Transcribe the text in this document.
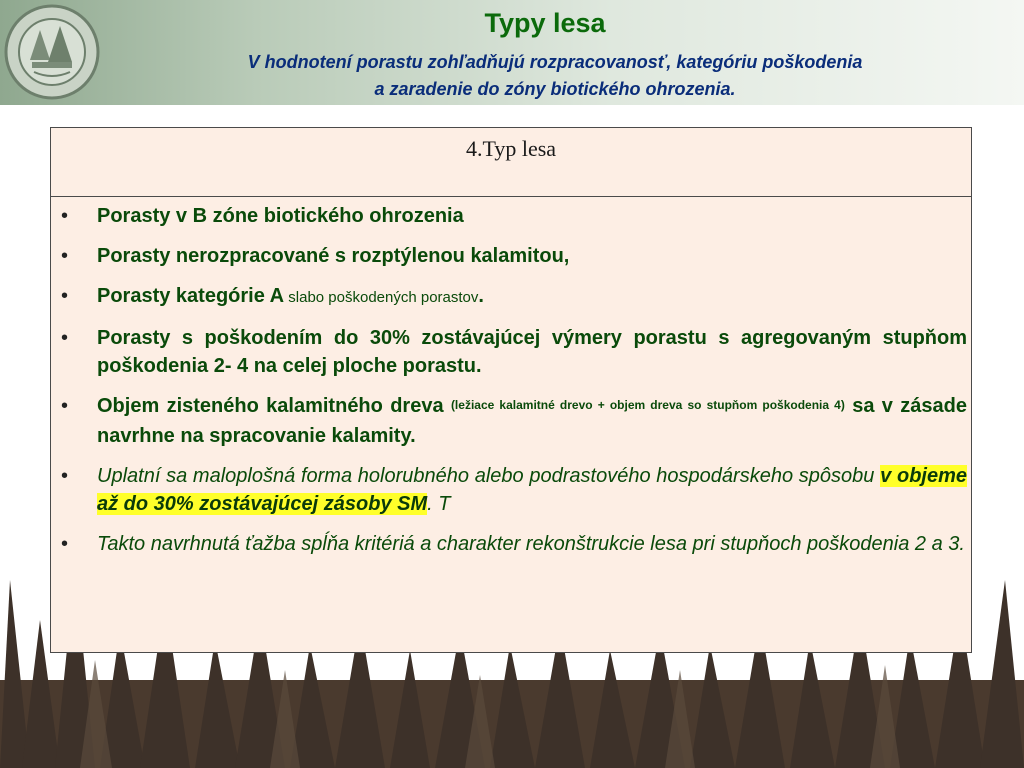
Typy lesa
V hodnotení porastu zohľadňujú rozpracovanosť, kategóriu poškodenia
a zaradenie do zóny biotického ohrozenia.
4.Typ lesa
•	Porasty v B zóne biotického ohrozenia
•	Porasty nerozpracované s rozptýlenou kalamitou,
•	Porasty kategórie A slabo poškodených porastov.
•	Porasty s poškodením do 30% zostávajúcej výmery porastu s agregovaným stupňom poškodenia 2- 4 na celej ploche porastu.
•	Objem zisteného kalamitného dreva (ležiace kalamitné drevo + objem dreva so stupňom poškodenia 4) sa v zásade navrhne na spracovanie kalamity.
•	Uplatní sa maloplošná forma holorubného alebo podrastového hospodárskeho spôsobu v objeme až do 30% zostávajúcej zásoby SM. T
•	Takto navrhnutá ťažba spĺňa kritériá a charakter rekonštrukcie lesa pri stupňoch poškodenia 2 a 3.
